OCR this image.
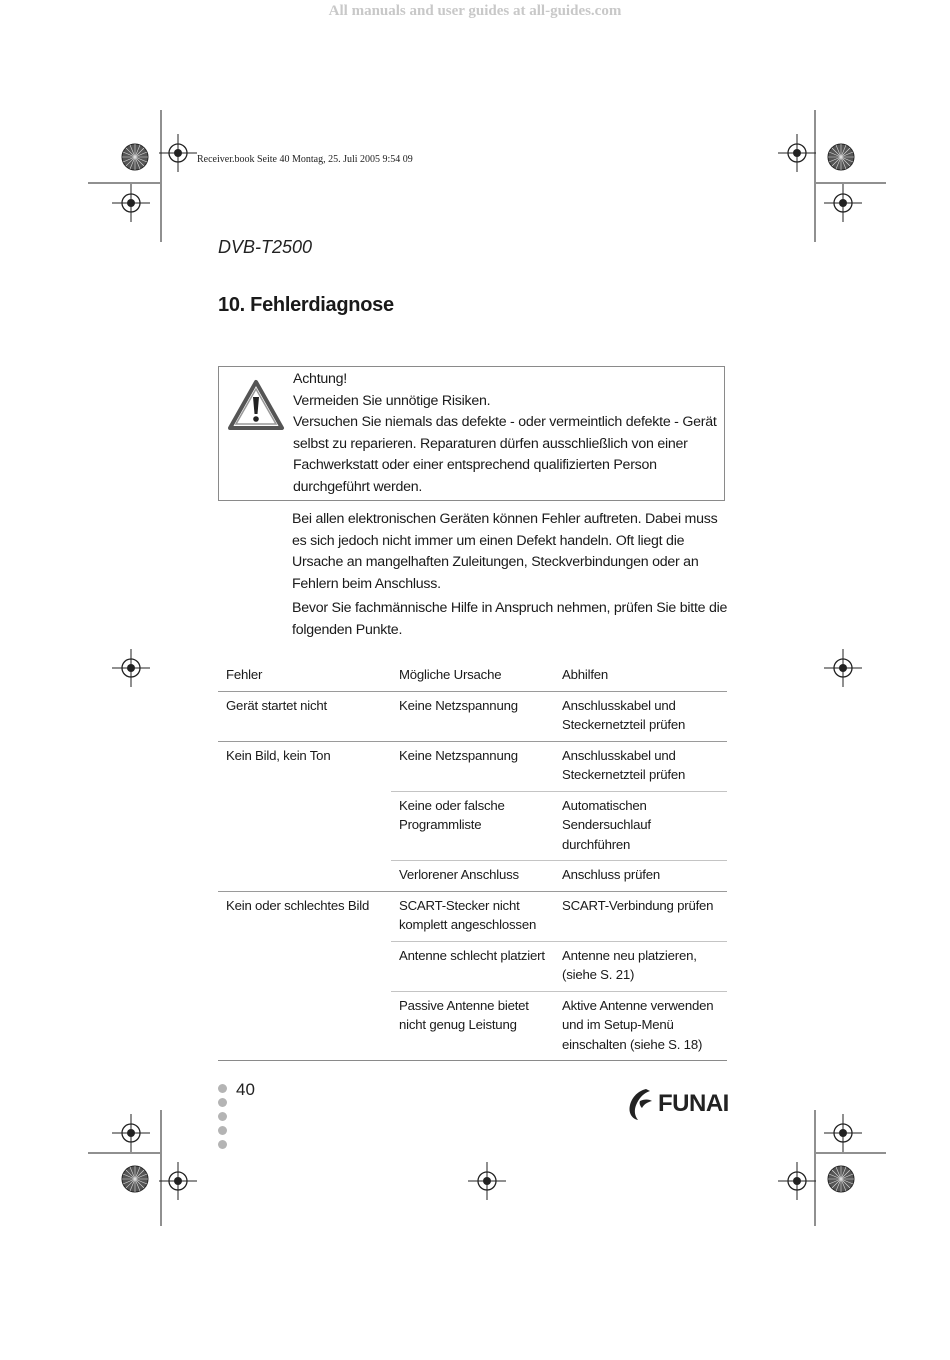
All manuals and user guides at all-guides.com
Receiver.book Seite 40 Montag, 25. Juli 2005 9:54 09
DVB-T2500
10. Fehlerdiagnose
Achtung!
Vermeiden Sie unnötige Risiken.
Versuchen Sie niemals das defekte - oder vermeintlich defekte - Gerät selbst zu reparieren. Reparaturen dürfen ausschließlich von einer Fachwerkstatt oder einer entsprechend qualifizierten Person durchgeführt werden.
Bei allen elektronischen Geräten können Fehler auftreten. Dabei muss es sich jedoch nicht immer um einen Defekt handeln. Oft liegt die Ursache an mangelhaften Zuleitungen, Steckverbindungen oder an Fehlern beim Anschluss.
Bevor Sie fachmännische Hilfe in Anspruch nehmen, prüfen Sie bitte die folgenden Punkte.
Fehler	Mögliche Ursache	Abhilfen
Gerät startet nicht	Keine Netzspannung	Anschlusskabel und Steckernetzteil prüfen
Kein Bild, kein Ton	Keine Netzspannung	Anschlusskabel und Steckernetzteil prüfen
	Keine oder falsche Programmliste	Automatischen Sendersuchlauf durchführen
	Verlorener Anschluss	Anschluss prüfen
Kein oder schlechtes Bild	SCART-Stecker nicht komplett angeschlossen	SCART-Verbindung prüfen
	Antenne schlecht platziert	Antenne neu platzieren, (siehe S. 21)
	Passive Antenne bietet nicht genug Leistung	Aktive Antenne verwenden und im Setup-Menü einschalten (siehe S. 18)
40
FUNAI
